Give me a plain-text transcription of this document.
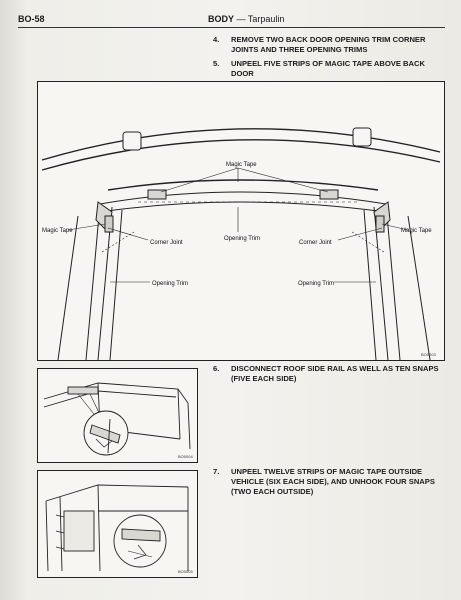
BO-58	BODY — Tarpaulin
4. REMOVE TWO BACK DOOR OPENING TRIM CORNER JOINTS AND THREE OPENING TRIMS
5. UNPEEL FIVE STRIPS OF MAGIC TAPE ABOVE BACK DOOR
Magic Tape
Magic Tape	Magic Tape
Corner Joint	Corner Joint
Opening Trim
Opening Trim	Opening Trim
BO0003
BO0004
6. DISCONNECT ROOF SIDE RAIL AS WELL AS TEN SNAPS (FIVE EACH SIDE)
BO0005
7. UNPEEL TWELVE STRIPS OF MAGIC TAPE OUTSIDE VEHICLE (SIX EACH SIDE), AND UNHOOK FOUR SNAPS (TWO EACH OUTSIDE)
